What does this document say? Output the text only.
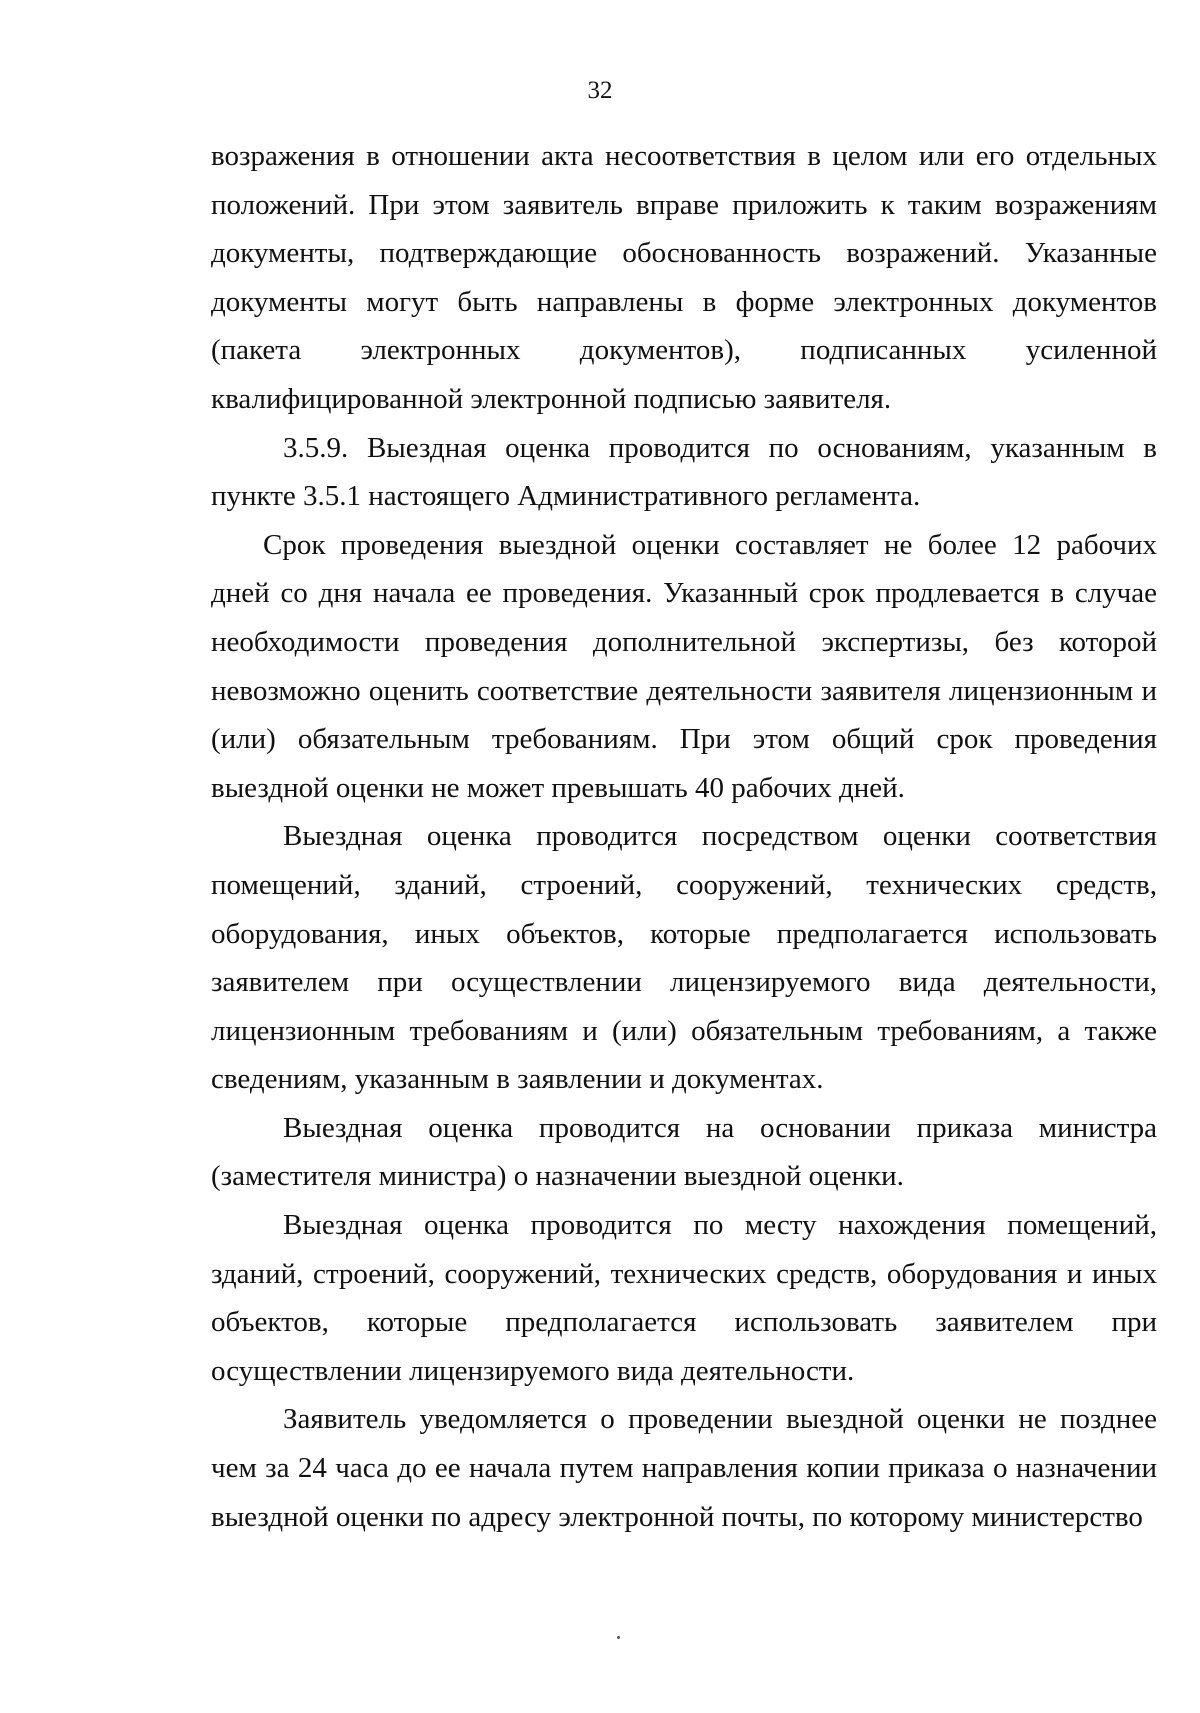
32

возражения в отношении акта несоответствия в целом или его отдельных положений. При этом заявитель вправе приложить к таким возражениям документы, подтверждающие обоснованность возражений. Указанные документы могут быть направлены в форме электронных документов (пакета электронных документов), подписанных усиленной квалифицированной электронной подписью заявителя.

3.5.9. Выездная оценка проводится по основаниям, указанным в пункте 3.5.1 настоящего Административного регламента.

Срок проведения выездной оценки составляет не более 12 рабочих дней со дня начала ее проведения. Указанный срок продлевается в случае необходимости проведения дополнительной экспертизы, без которой невозможно оценить соответствие деятельности заявителя лицензионным и (или) обязательным требованиям. При этом общий срок проведения выездной оценки не может превышать 40 рабочих дней.

Выездная оценка проводится посредством оценки соответствия помещений, зданий, строений, сооружений, технических средств, оборудования, иных объектов, которые предполагается использовать заявителем при осуществлении лицензируемого вида деятельности, лицензионным требованиям и (или) обязательным требованиям, а также сведениям, указанным в заявлении и документах.

Выездная оценка проводится на основании приказа министра (заместителя министра) о назначении выездной оценки.

Выездная оценка проводится по месту нахождения помещений, зданий, строений, сооружений, технических средств, оборудования и иных объектов, которые предполагается использовать заявителем при осуществлении лицензируемого вида деятельности.

Заявитель уведомляется о проведении выездной оценки не позднее чем за 24 часа до ее начала путем направления копии приказа о назначении выездной оценки по адресу электронной почты, по которому министерство
